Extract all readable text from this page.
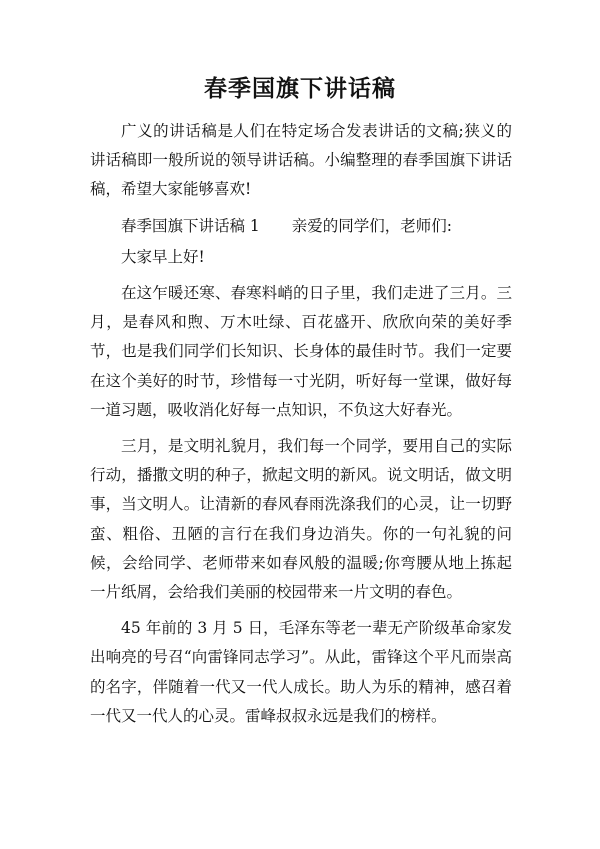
春季国旗下讲话稿

广义的讲话稿是人们在特定场合发表讲话的文稿;狭义的讲话稿即一般所说的领导讲话稿。小编整理的春季国旗下讲话稿，希望大家能够喜欢!

春季国旗下讲话稿 1 亲爱的同学们，老师们:

大家早上好!

在这乍暖还寒、春寒料峭的日子里，我们走进了三月。三月，是春风和煦、万木吐绿、百花盛开、欣欣向荣的美好季节，也是我们同学们长知识、长身体的最佳时节。我们一定要在这个美好的时节，珍惜每一寸光阴，听好每一堂课，做好每一道习题，吸收消化好每一点知识，不负这大好春光。

三月，是文明礼貌月，我们每一个同学，要用自己的实际行动，播撒文明的种子，掀起文明的新风。说文明话，做文明事，当文明人。让清新的春风春雨洗涤我们的心灵，让一切野蛮、粗俗、丑陋的言行在我们身边消失。你的一句礼貌的问候，会给同学、老师带来如春风般的温暖;你弯腰从地上拣起一片纸屑，会给我们美丽的校园带来一片文明的春色。

45 年前的 3 月 5 日，毛泽东等老一辈无产阶级革命家发出响亮的号召“向雷锋同志学习”。从此，雷锋这个平凡而崇高的名字，伴随着一代又一代人成长。助人为乐的精神，感召着一代又一代人的心灵。雷峰叔叔永远是我们的榜样。
